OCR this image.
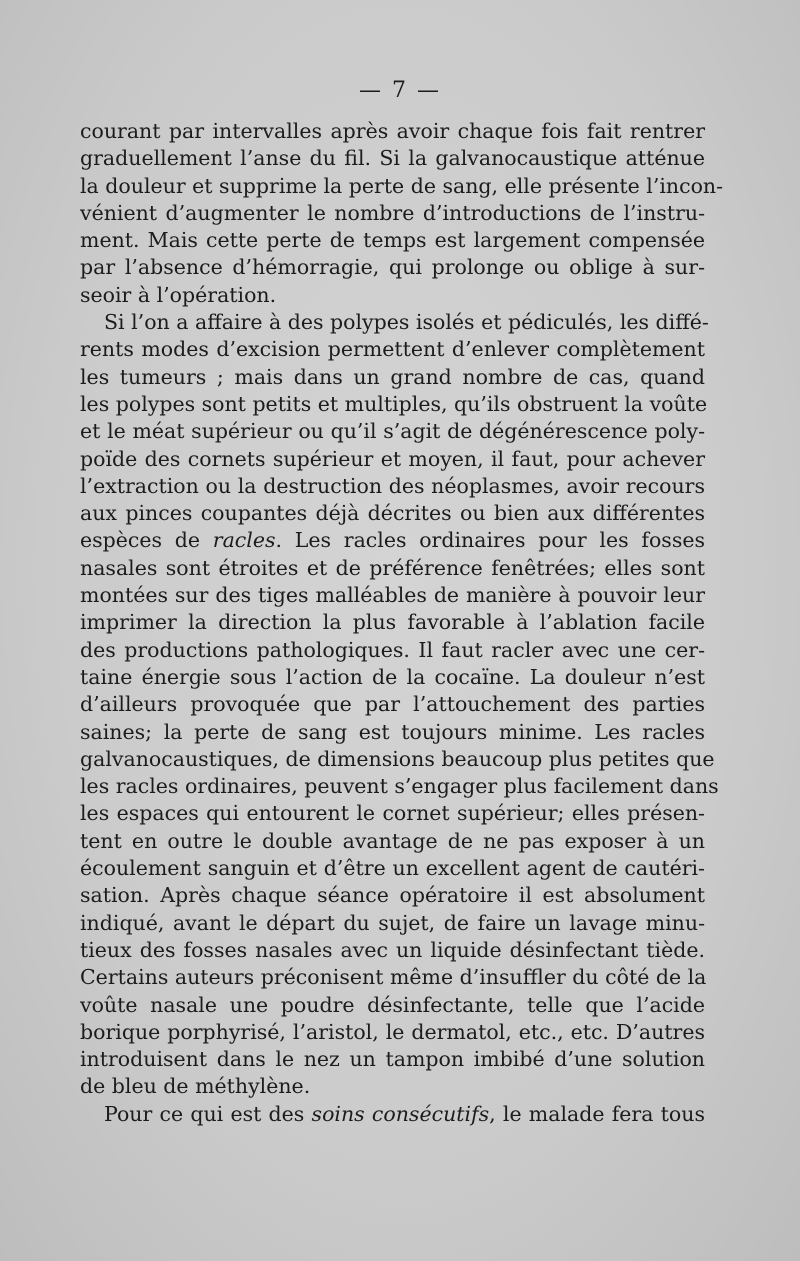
— 7 —
courant par intervalles après avoir chaque fois fait rentrer
graduellement l’anse du fil. Si la galvanocaustique atténue
la douleur et supprime la perte de sang, elle présente l’incon-
vénient d’augmenter le nombre d’introductions de l’instru-
ment. Mais cette perte de temps est largement compensée
par l’absence d’hémorragie, qui prolonge ou oblige à sur-
seoir à l’opération.
Si l’on a affaire à des polypes isolés et pédiculés, les diffé-
rents modes d’excision permettent d’enlever complètement
les tumeurs ; mais dans un grand nombre de cas, quand
les polypes sont petits et multiples, qu’ils obstruent la voûte
et le méat supérieur ou qu’il s’agit de dégénérescence poly-
poïde des cornets supérieur et moyen, il faut, pour achever
l’extraction ou la destruction des néoplasmes, avoir recours
aux pinces coupantes déjà décrites ou bien aux différentes
espèces de racles. Les racles ordinaires pour les fosses
nasales sont étroites et de préférence fenêtrées; elles sont
montées sur des tiges malléables de manière à pouvoir leur
imprimer la direction la plus favorable à l’ablation facile
des productions pathologiques. Il faut racler avec une cer-
taine énergie sous l’action de la cocaïne. La douleur n’est
d’ailleurs provoquée que par l’attouchement des parties
saines; la perte de sang est toujours minime. Les racles
galvanocaustiques, de dimensions beaucoup plus petites que
les racles ordinaires, peuvent s’engager plus facilement dans
les espaces qui entourent le cornet supérieur; elles présen-
tent en outre le double avantage de ne pas exposer à un
écoulement sanguin et d’être un excellent agent de cautéri-
sation. Après chaque séance opératoire il est absolument
indiqué, avant le départ du sujet, de faire un lavage minu-
tieux des fosses nasales avec un liquide désinfectant tiède.
Certains auteurs préconisent même d’insuffler du côté de la
voûte nasale une poudre désinfectante, telle que l’acide
borique porphyrisé, l’aristol, le dermatol, etc., etc. D’autres
introduisent dans le nez un tampon imbibé d’une solution
de bleu de méthylène.
Pour ce qui est des soins consécutifs, le malade fera tous
